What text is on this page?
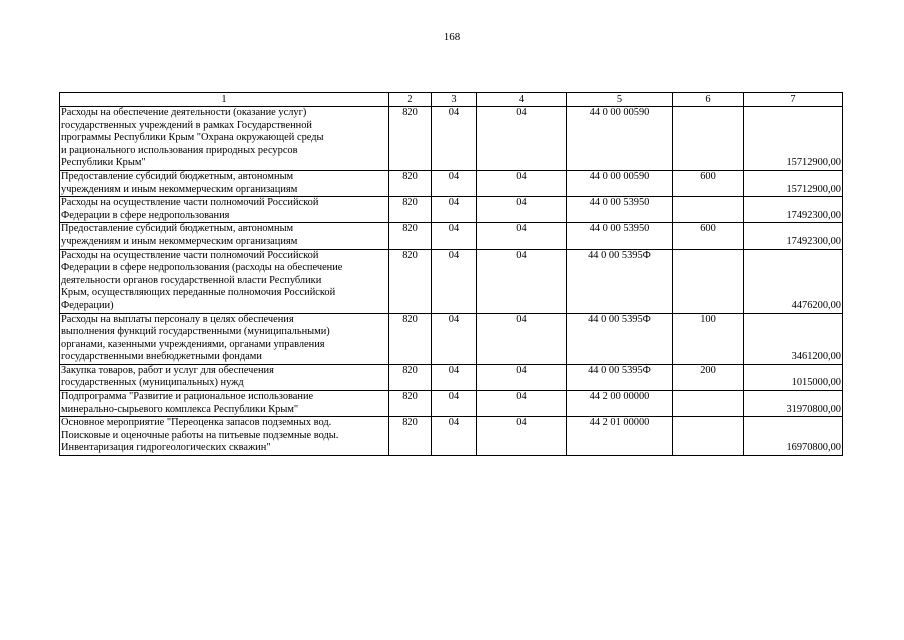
168
1	2	3	4	5	6	7

Расходы на обеспечение деятельности (оказание услуг)
государственных учреждений в рамках Государственной
программы Республики Крым "Охрана окружающей среды
и рационального использования природных ресурсов
Республики Крым"	820	04	04	44 0 00 00590		15712900,00

Предоставление субсидий бюджетным, автономным
учреждениям и иным некоммерческим организациям	820	04	04	44 0 00 00590	600	15712900,00

Расходы на осуществление части полномочий Российской
Федерации в сфере недропользования	820	04	04	44 0 00 53950		17492300,00

Предоставление субсидий бюджетным, автономным
учреждениям и иным некоммерческим организациям	820	04	04	44 0 00 53950	600	17492300,00

Расходы на осуществление части полномочий Российской
Федерации в сфере недропользования (расходы на обеспечение
деятельности органов государственной власти Республики
Крым, осуществляющих переданные полномочия Российской
Федерации)	820	04	04	44 0 00 5395Ф		4476200,00

Расходы на выплаты персоналу в целях обеспечения
выполнения функций государственными (муниципальными)
органами, казенными учреждениями, органами управления
государственными внебюджетными фондами	820	04	04	44 0 00 5395Ф	100	3461200,00

Закупка товаров, работ и услуг для обеспечения
государственных (муниципальных) нужд	820	04	04	44 0 00 5395Ф	200	1015000,00

Подпрограмма "Развитие и рациональное использование
минерально-сырьевого комплекса Республики Крым"	820	04	04	44 2 00 00000		31970800,00

Основное мероприятие "Переоценка запасов подземных вод.
Поисковые и оценочные работы на питьевые подземные воды.
Инвентаризация гидрогеологических скважин"	820	04	04	44 2 01 00000		16970800,00
